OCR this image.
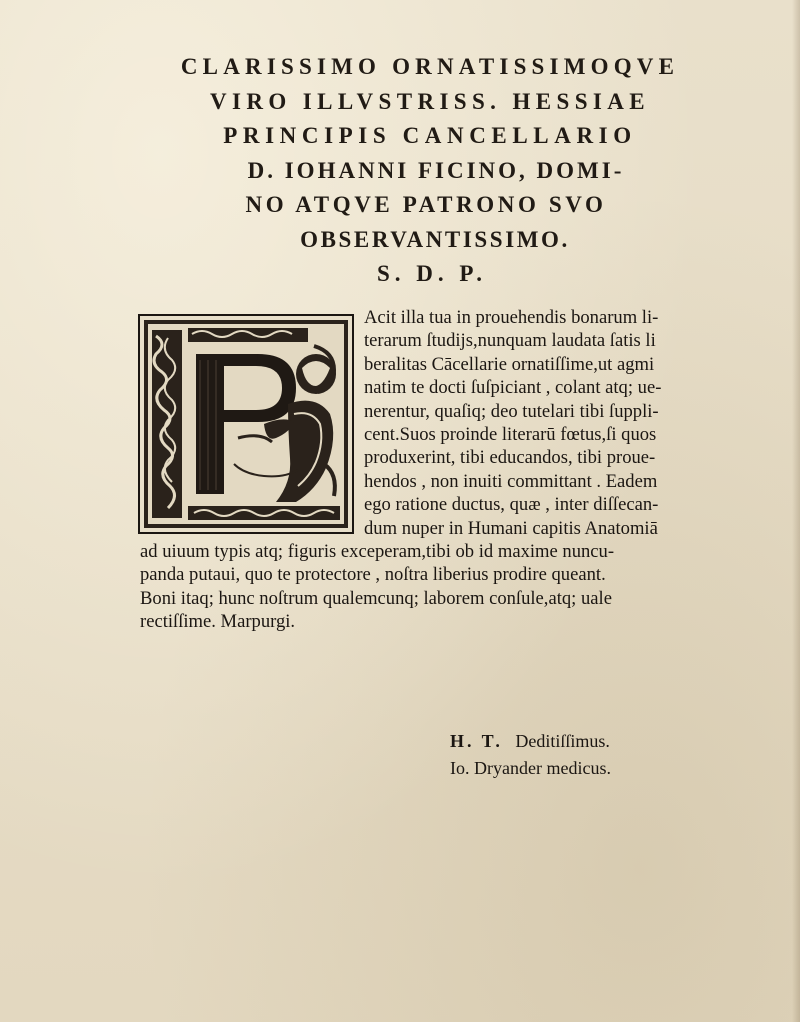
CLARISSIMO ORNATISSIMOQVE
VIRO ILLVSTRISS. HESSIAE
PRINCIPIS CANCELLARIO
D. IOHANNI FICINO, DOMI-
NO ATQVE PATRONO SVO
OBSERVANTISSIMO.
S. D. P.
Acit illa tua in prouehendis bonarum li-
terarum ſtudijs,nunquam laudata ſatis li
beralitas Cācellarie ornatiſſime,ut agmi
natim te docti ſuſpiciant , colant atq; ue-
nerentur, quaſiq; deo tutelari tibi ſuppli-
cent.Suos proinde literarū fœtus,ſi quos
produxerint, tibi educandos, tibi proue-
hendos , non inuiti committant . Eadem
ego ratione ductus, quæ , inter diſſecan-
dum nuper in Humani capitis Anatomiā
ad uiuum typis atq; figuris exceperam,tibi ob id maxime nuncu-
panda putaui, quo te protectore , noſtra liberius prodire queant.
Boni itaq; hunc noſtrum qualemcunq; laborem conſule,atq; uale
rectiſſime. Marpurgi.
H. T. Deditiſſimus.
Io. Dryander medicus.
